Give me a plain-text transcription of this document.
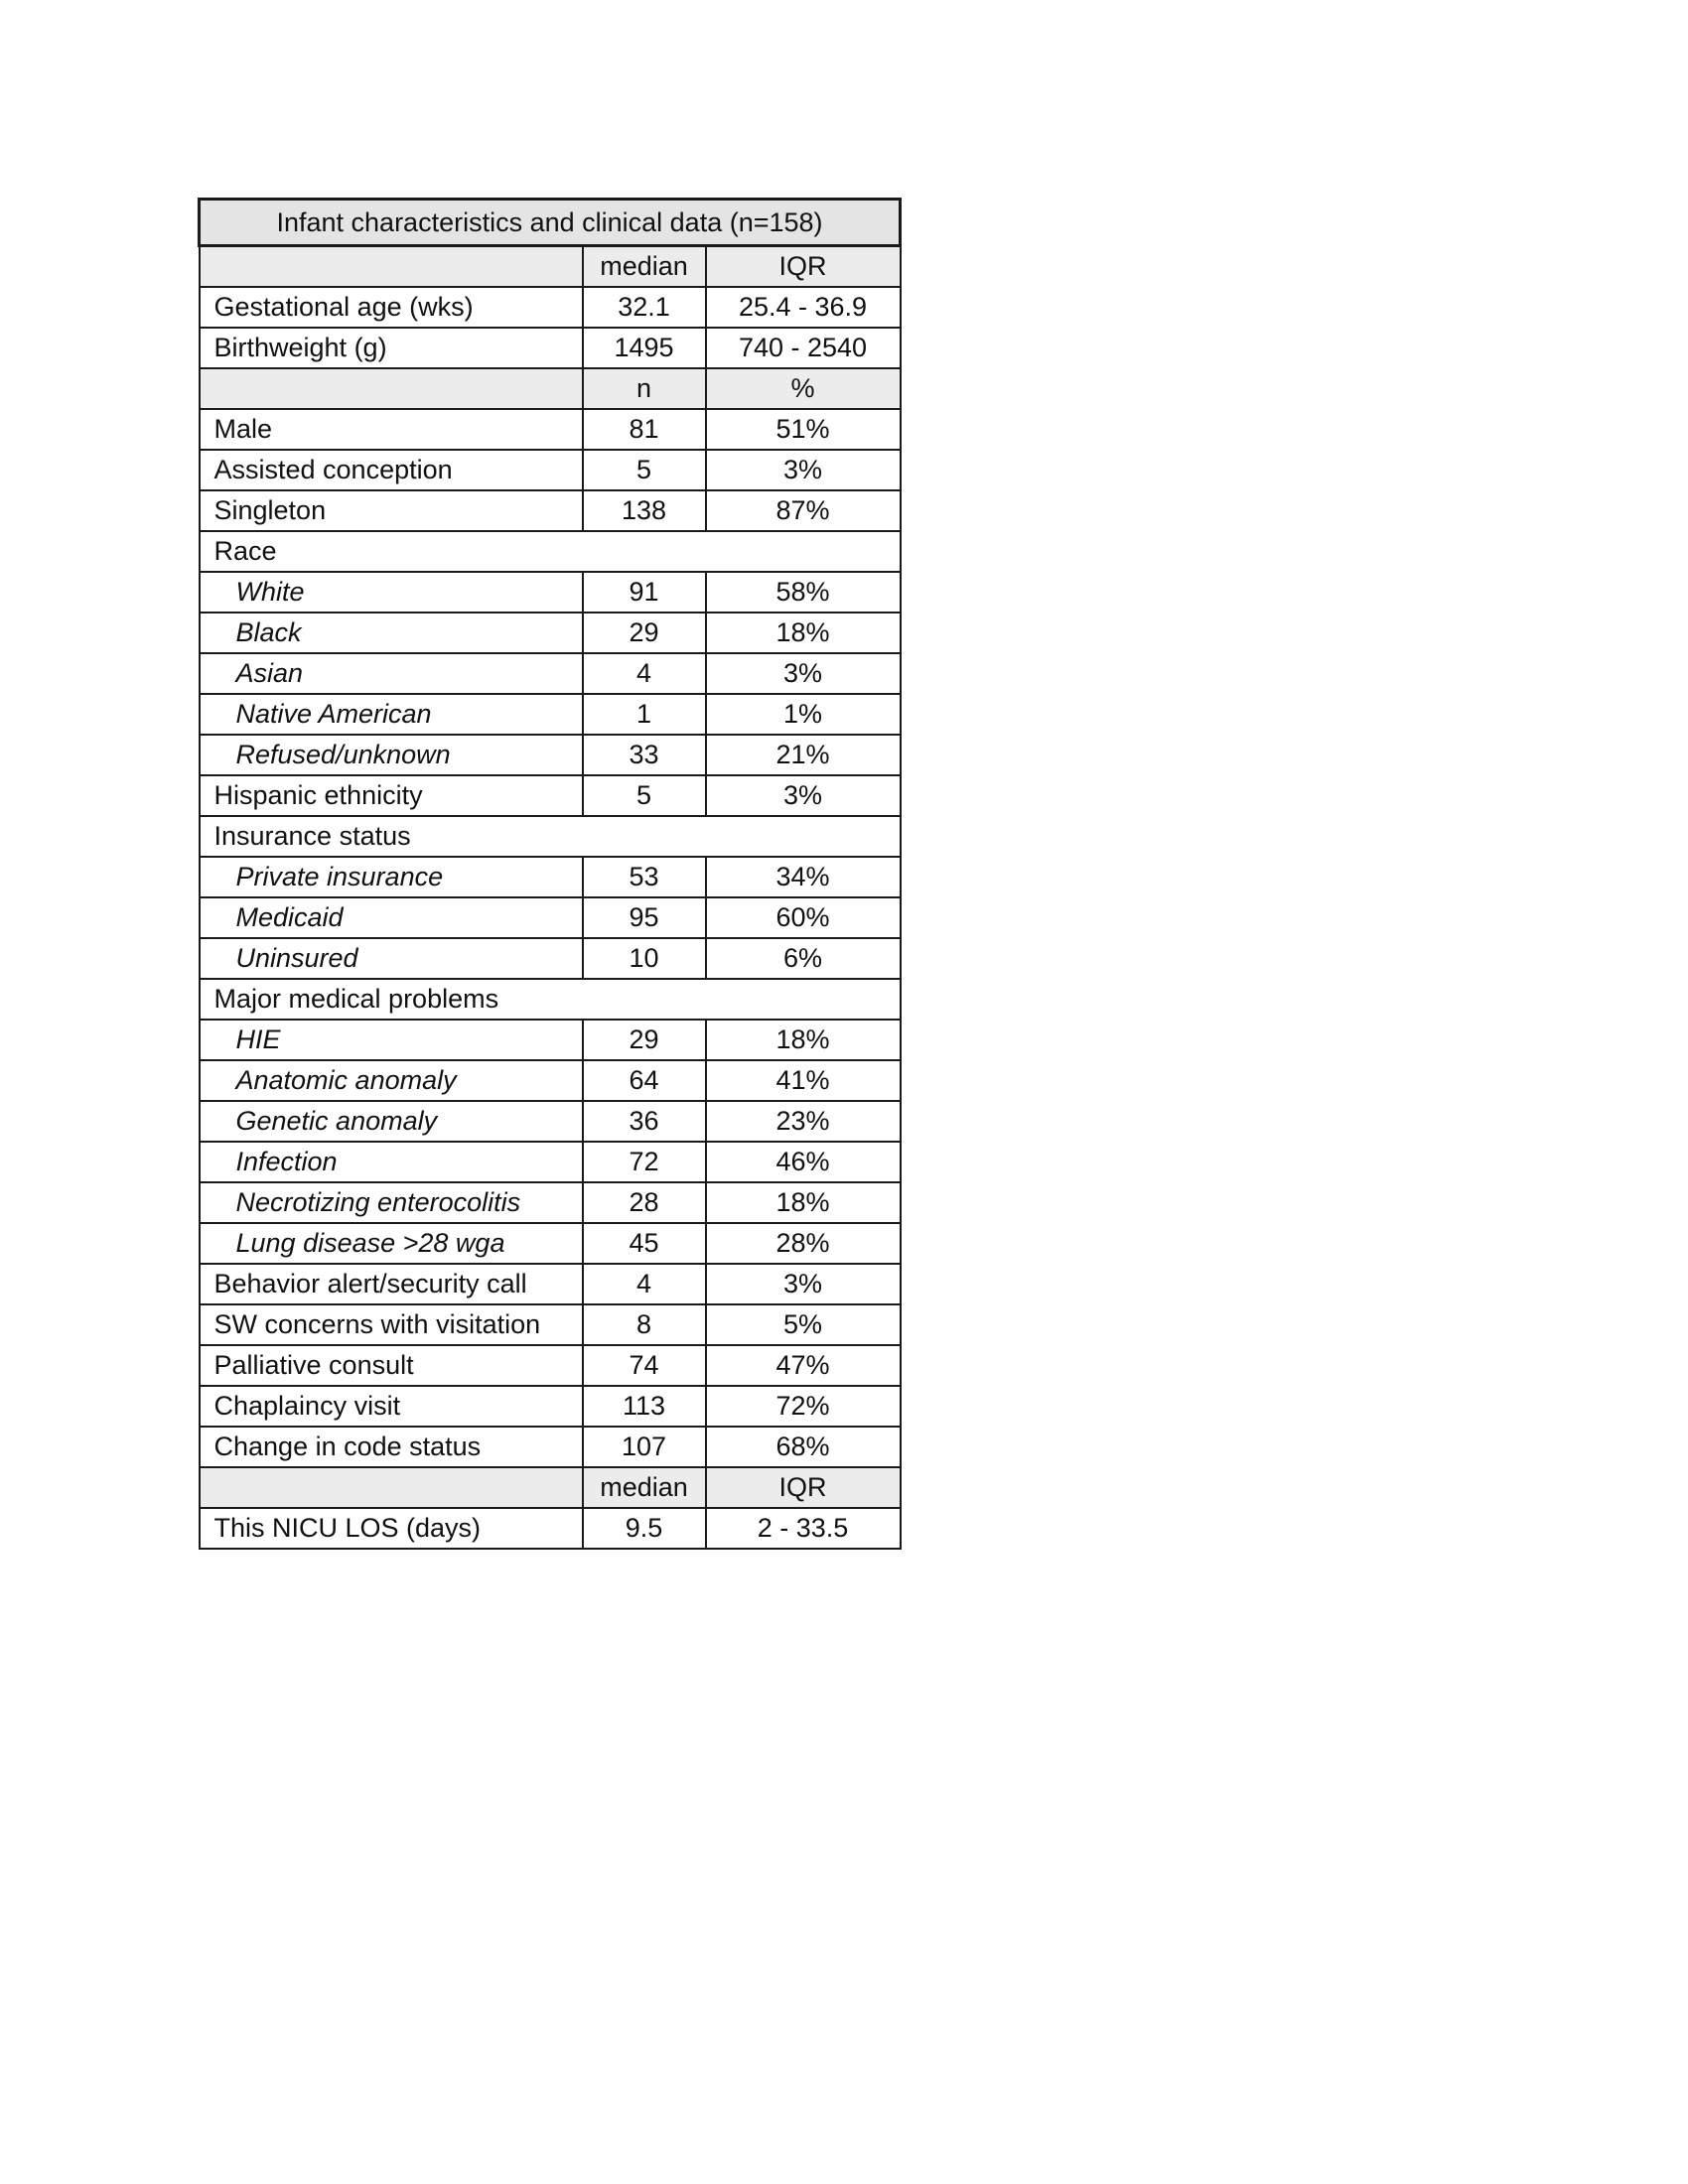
Infant characteristics and clinical data (n=158)		
	median	IQR
Gestational age (wks)	32.1	25.4 - 36.9
Birthweight (g)	1495	740 - 2540
	n	%
Male	81	51%
Assisted conception	5	3%
Singleton	138	87%
Race		
White	91	58%
Black	29	18%
Asian	4	3%
Native American	1	1%
Refused/unknown	33	21%
Hispanic ethnicity	5	3%
Insurance status		
Private insurance	53	34%
Medicaid	95	60%
Uninsured	10	6%
Major medical problems		
HIE	29	18%
Anatomic anomaly	64	41%
Genetic anomaly	36	23%
Infection	72	46%
Necrotizing enterocolitis	28	18%
Lung disease >28 wga	45	28%
Behavior alert/security call	4	3%
SW concerns with visitation	8	5%
Palliative consult	74	47%
Chaplaincy visit	113	72%
Change in code status	107	68%
	median	IQR
This NICU LOS (days)	9.5	2 - 33.5
